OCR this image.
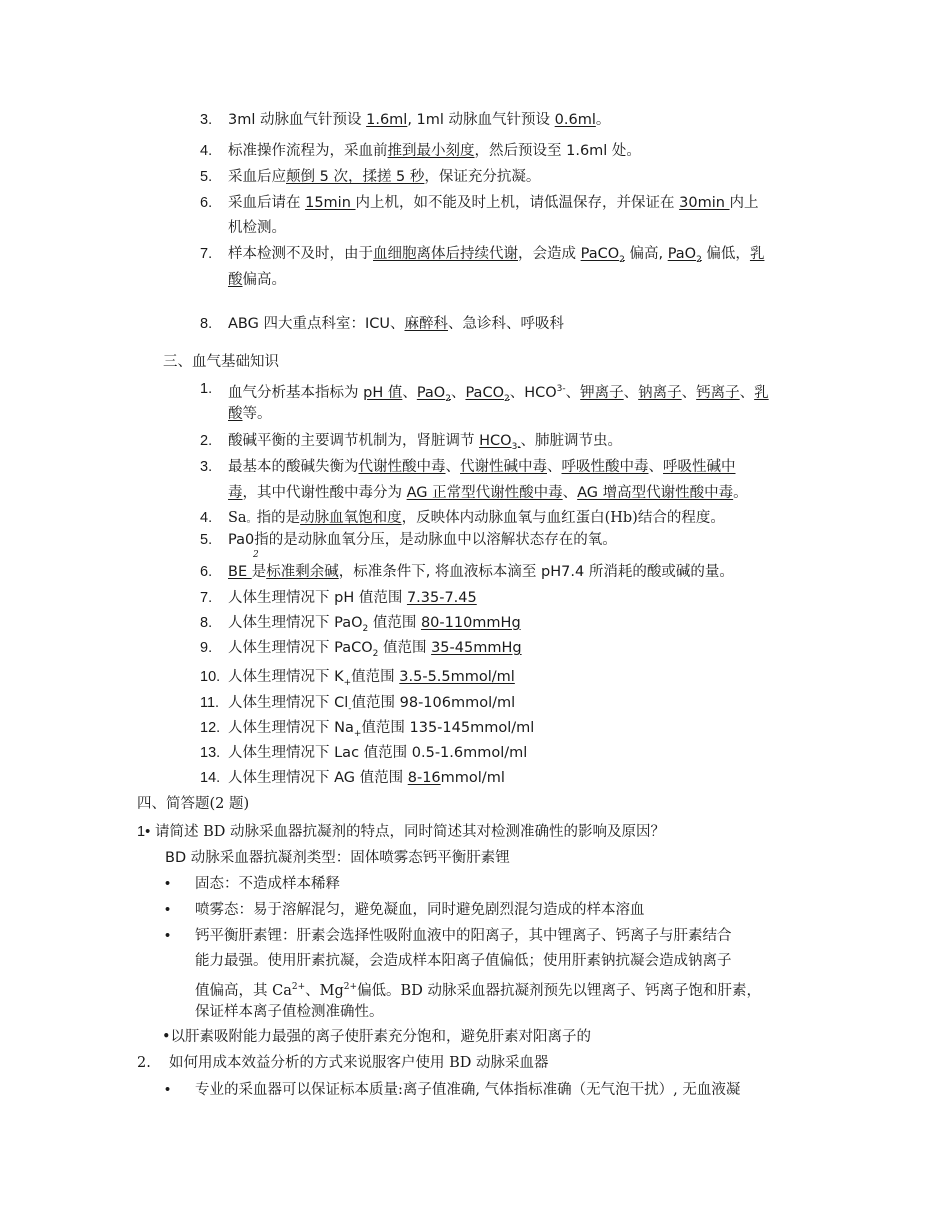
3. 3ml 动脉血气针预设 1.6ml, 1ml 动脉血气针预设 0.6ml。
4. 标准操作流程为，采血前推到最小刻度，然后预设至 1.6ml 处。
5. 采血后应颠倒 5 次，揉搓 5 秒，保证充分抗凝。
6. 采血后请在 15min 内上机，如不能及时上机，请低温保存，并保证在 30min 内上
机检测。
7. 样本检测不及时，由于血细胞离体后持续代谢，会造成 PaCO$_2$ 偏高, PaO$_2$ 偏低，乳
酸偏高。
8. ABG 四大重点科室：ICU、麻醉科、急诊科、呼吸科
三、血气基础知识
1. 血气分析基本指标为 pH 值、PaO$_2$、PaCO$_2$、$HCO^{3-}$、钾离子、钠离子、钙离子、乳
酸等。
2. 酸碱平衡的主要调节机制为，肾脏调节 $HCO_{3-}$、肺脏调节虫。
3. 最基本的酸碱失衡为代谢性酸中毒、代谢性碱中毒、呼吸性酸中毒、呼吸性碱中
毒，其中代谢性酸中毒分为 AG 正常型代谢性酸中毒、AG 增高型代谢性酸中毒。
4. Sa。指的是动脉血氧饱和度，反映体内动脉血氧与血红蛋白(Hb)结合的程度。
5. Pa0指的是动脉血氧分压，是动脉血中以溶解状态存在的氧。
2
6. BE 是标准剩余碱，标准条件下, 将血液标本滴至 pH7.4 所消耗的酸或碱的量。
7. 人体生理情况下 pH 值范围 7.35-7.45
8. 人体生理情况下 PaO$_2$ 值范围 80-110mmHg
9. 人体生理情况下 PaCO$_2$ 值范围 35-45mmHg
10. 人体生理情况下 $K_+$值范围 3.5-5.5mmol/ml
11. 人体生理情况下 $Cl_-$值范围 98-106mmol/ml
12. 人体生理情况下 $Na_+$值范围 135-145mmol/ml
13. 人体生理情况下 Lac 值范围 0.5-1.6mmol/ml
14. 人体生理情况下 AG 值范围 8-16mmol/ml
四、简答题(2 题)
1• 请简述 BD 动脉采血器抗凝剂的特点，同时简述其对检测准确性的影响及原因？
BD 动脉采血器抗凝剂类型：固体喷雾态钙平衡肝素锂
• 固态：不造成样本稀释
• 喷雾态：易于溶解混匀，避免凝血，同时避免剧烈混匀造成的样本溶血
• 钙平衡肝素锂：肝素会选择性吸附血液中的阳离子，其中锂离子、钙离子与肝素结合
能力最强。使用肝素抗凝，会造成样本阳离子值偏低；使用肝素钠抗凝会造成钠离子
值偏高，其 $Ca^{2+}$、$Mg^{2+}$偏低。BD 动脉采血器抗凝剂预先以锂离子、钙离子饱和肝素，
保证样本离子值检测准确性。
•以肝素吸附能力最强的离子使肝素充分饱和，避免肝素对阳离子的
2. 如何用成本效益分析的方式来说服客户使用 BD 动脉采血器
• 专业的采血器可以保证标本质量:离子值准确, 气体指标准确（无气泡干扰）, 无血液凝
